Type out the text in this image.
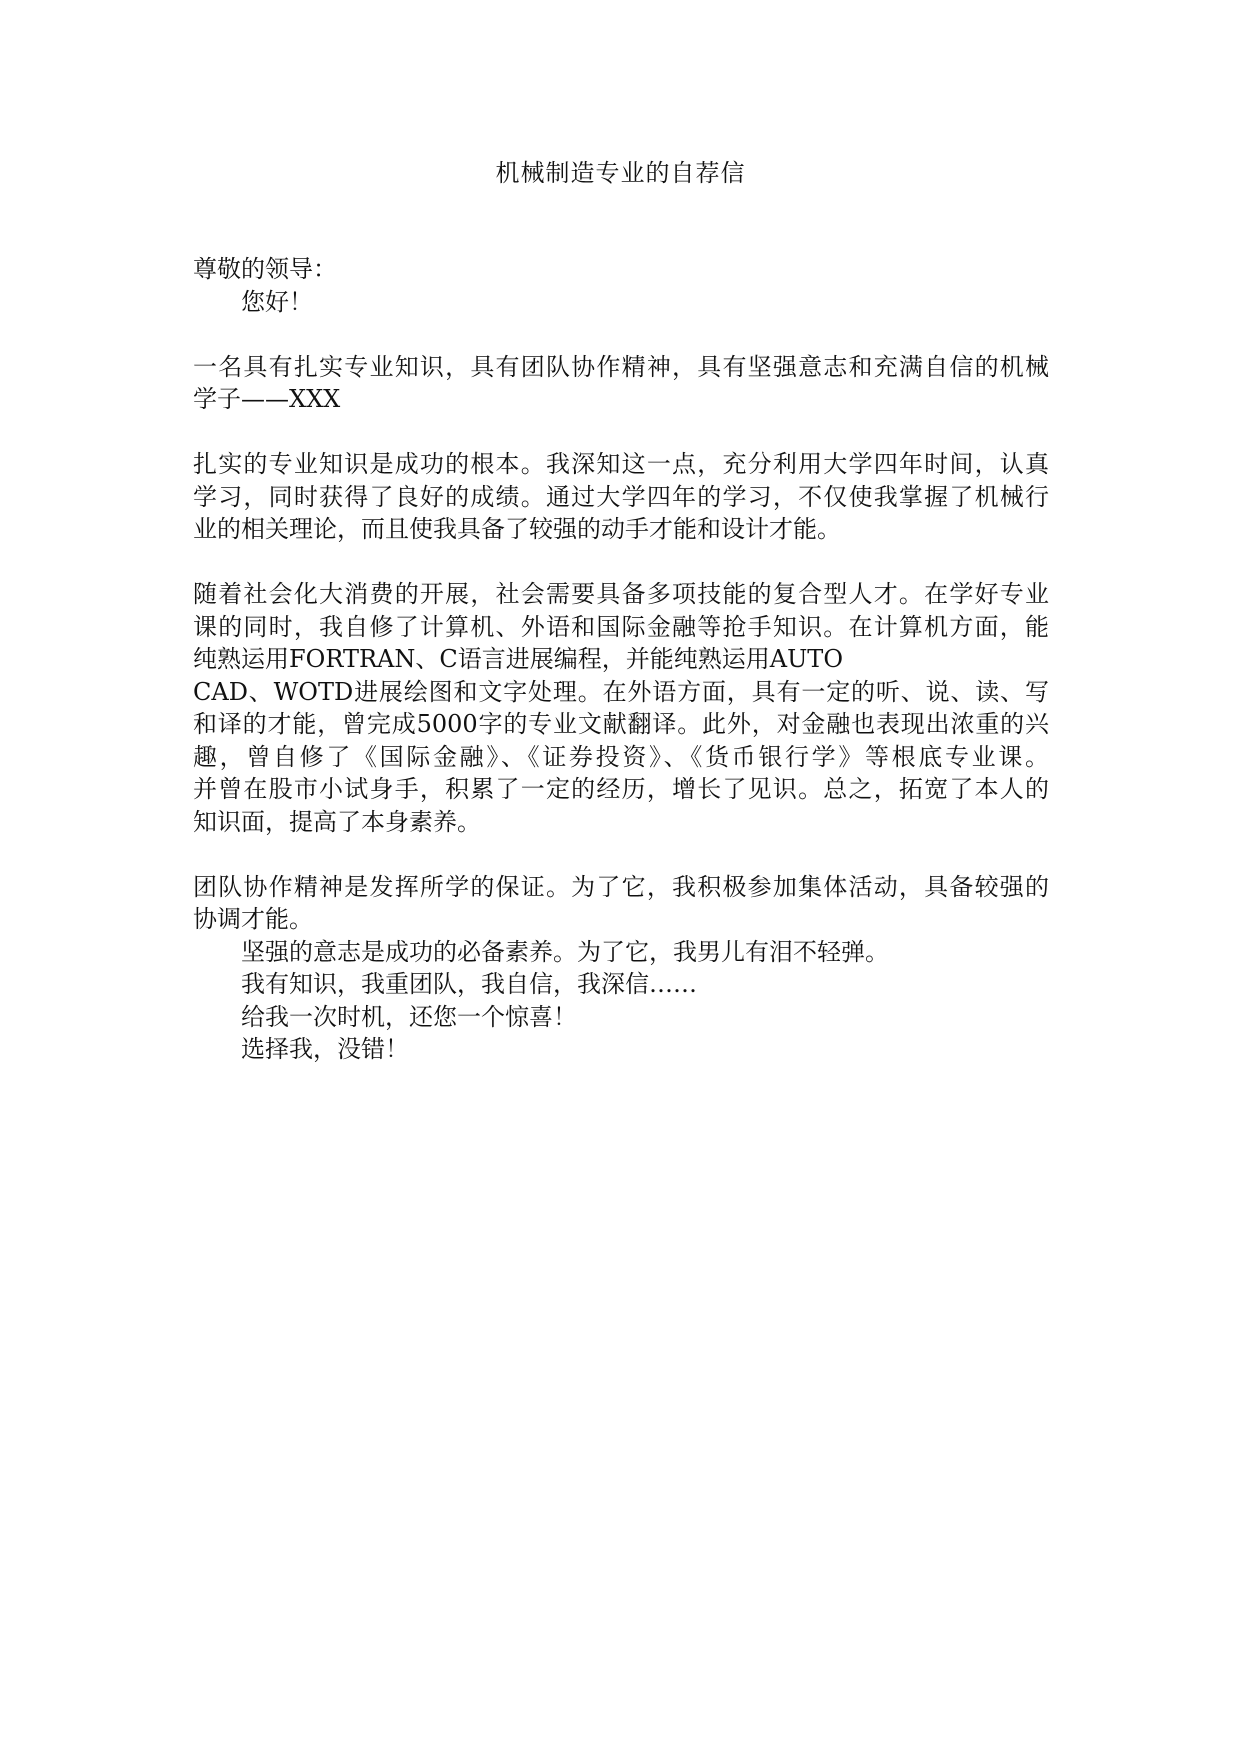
机械制造专业的自荐信
尊敬的领导：
您好！
一名具有扎实专业知识，具有团队协作精神，具有坚强意志和充满自信的机械
学子——XXX
扎实的专业知识是成功的根本。我深知这一点，充分利用大学四年时间，认真
学习，同时获得了良好的成绩。通过大学四年的学习，不仅使我掌握了机械行
业的相关理论，而且使我具备了较强的动手才能和设计才能。
随着社会化大消费的开展，社会需要具备多项技能的复合型人才。在学好专业
课的同时，我自修了计算机、外语和国际金融等抢手知识。在计算机方面，能
纯熟运用FORTRAN、C语言进展编程，并能纯熟运用AUTO
CAD、WOTD进展绘图和文字处理。在外语方面，具有一定的听、说、读、写
和译的才能，曾完成5000字的专业文献翻译。此外，对金融也表现出浓重的兴
趣，曾自修了《国际金融》、《证券投资》、《货币银行学》等根底专业课。
并曾在股市小试身手，积累了一定的经历，增长了见识。总之，拓宽了本人的
知识面，提高了本身素养。
团队协作精神是发挥所学的保证。为了它，我积极参加集体活动，具备较强的
协调才能。
坚强的意志是成功的必备素养。为了它，我男儿有泪不轻弹。
我有知识，我重团队，我自信，我深信……
给我一次时机，还您一个惊喜！
选择我，没错！
